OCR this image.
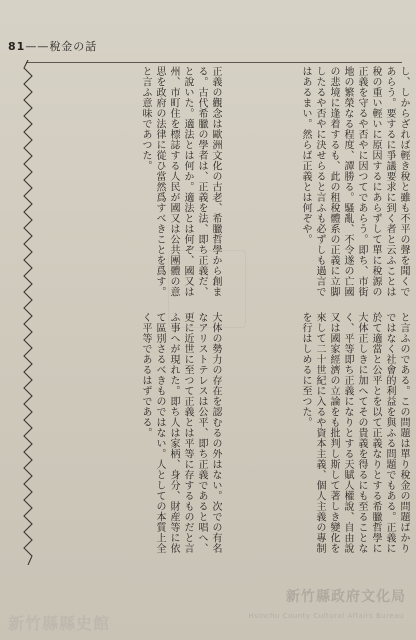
81——稅金の話
し、しからざれば輕き稅と雖も不平の聲を聞くであらう。要するに爭議要求に到く者と云ふことは稅の重い輕いに原因するにあらずして單に稅源の正義を守るや否やに因つてであらう。即ち、市街地の繁榮なる程度、譚勝る。騷亂、不令遂の亡國の悲境に逢着するも、此の租稅體系の正義に立脚したるや否やに決せらると言ふも必ずしも過言ではあるまい。然らば正義とは何ぞや。
正義の觀念は歐洲文化の古老、希臘哲學から創まる。古代希臘の學者は、正義を法、即ち正義だ、と說いた。適法とは何か。適法とは何ぞ、國又は州、市町住を標誌する人民が國又は公共團體の意思を政府の法律に從ひ當然爲すべきことを爲す。と言ふ意味であつた。
と言ふのである。この問題は單り稅金の問題ばかりではなく社會的利益を與ふる問題でもある。正義に於て適當と公平とを以て正義なりとする希臘哲學に大体正しきに加へてその貴義を得るにも至ることなく、平等即ち正義になりとする天賦人權說、自由說又は國家經濟の立論をも批判し斯して著しき變化を來して二十世紀に入るや資本主義、個人主義の專制を行はしめるに至つた。
大体の勢力の存在を認むるの外はない。次での有名なアリストテレスは公平、即ち正義であると唱へ、更に近世に至つて正義とは平等に存するものだと言ふ事へが現れた。即ち人は家柄、身分、財産等に依て區別さるべきものではない。人としての本質上全く平等であるはずである。
新竹縣政府文化局
Hsinchu County Cultural Affairs Bureau
新竹縣縣史館
